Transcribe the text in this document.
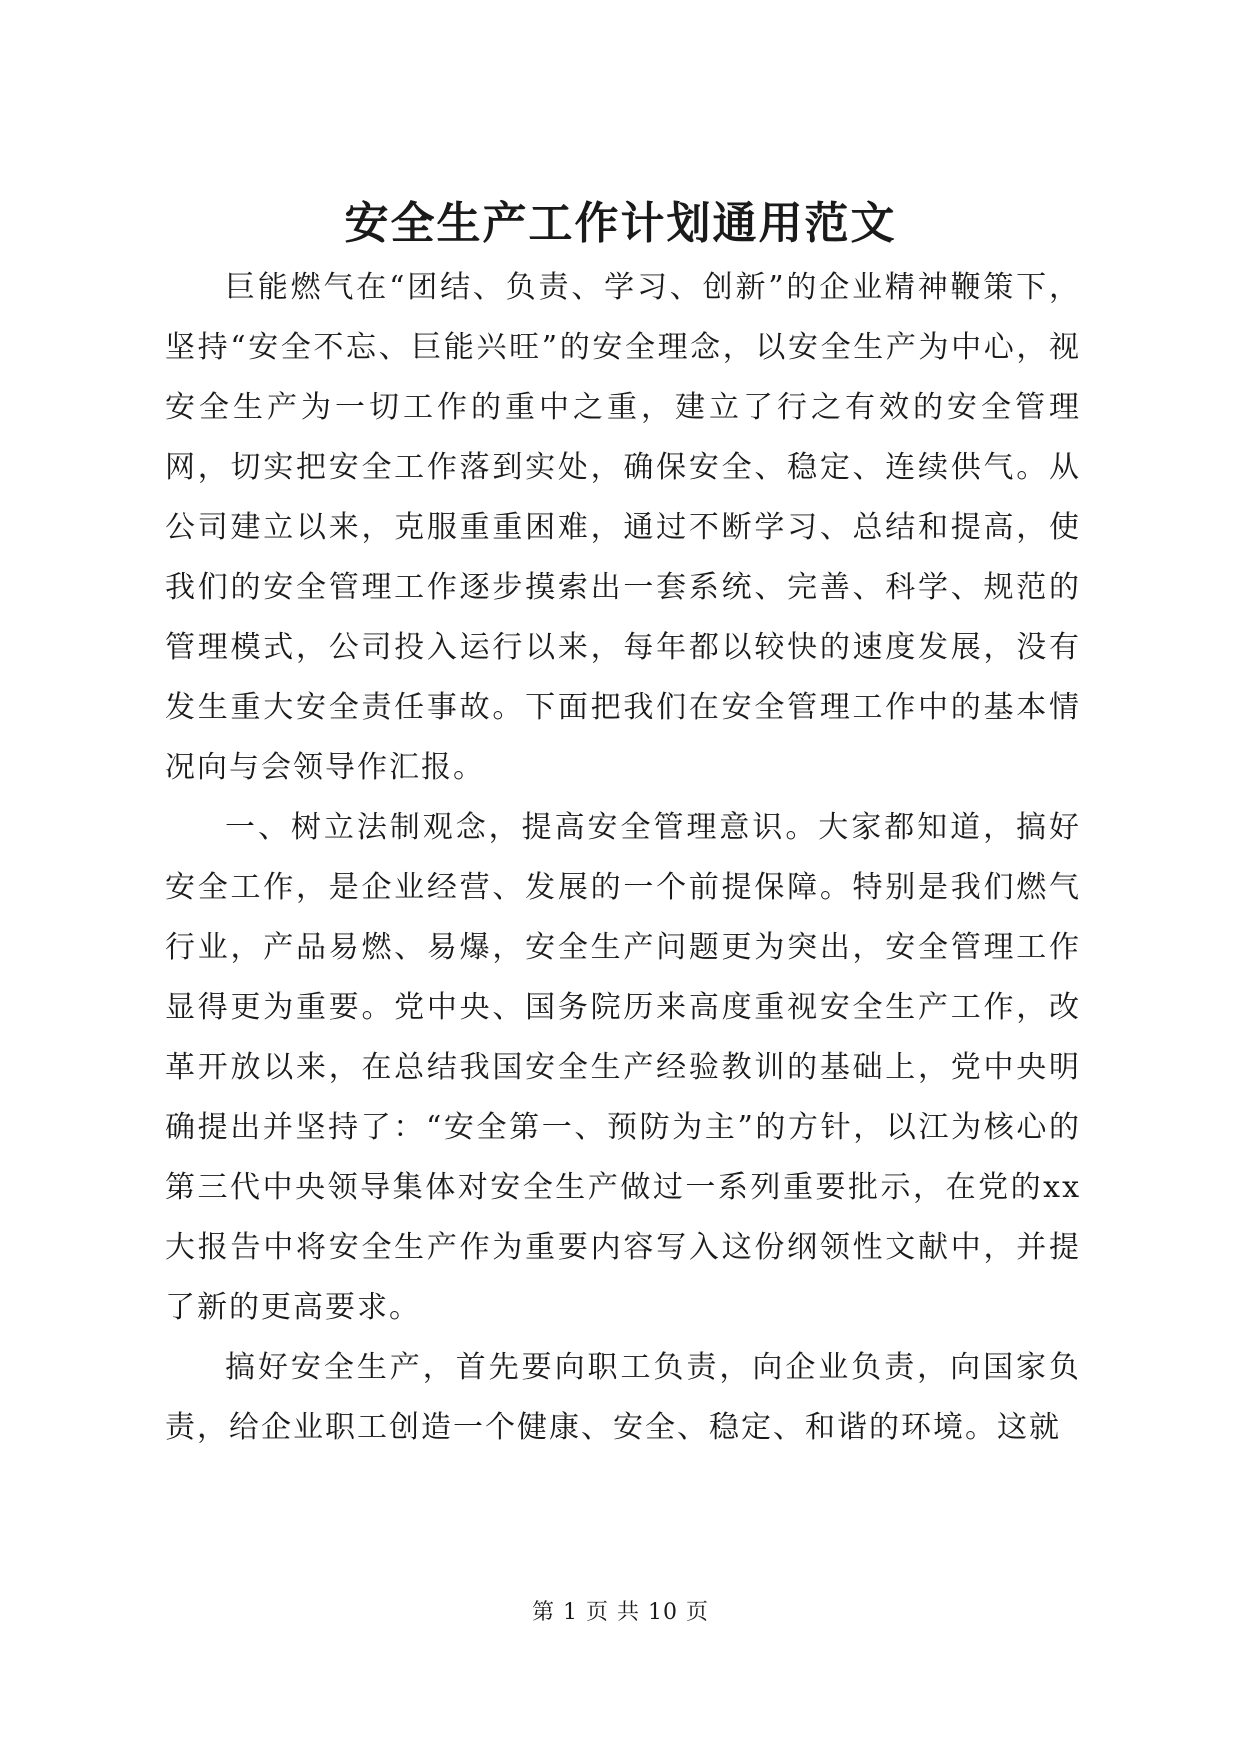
安全生产工作计划通用范文

巨能燃气在“团结、负责、学习、创新”的企业精神鞭策下，坚持“安全不忘、巨能兴旺”的安全理念，以安全生产为中心，视安全生产为一切工作的重中之重，建立了行之有效的安全管理网，切实把安全工作落到实处，确保安全、稳定、连续供气。从公司建立以来，克服重重困难，通过不断学习、总结和提高，使我们的安全管理工作逐步摸索出一套系统、完善、科学、规范的管理模式，公司投入运行以来，每年都以较快的速度发展，没有发生重大安全责任事故。下面把我们在安全管理工作中的基本情况向与会领导作汇报。

一、树立法制观念，提高安全管理意识。大家都知道，搞好安全工作，是企业经营、发展的一个前提保障。特别是我们燃气行业，产品易燃、易爆，安全生产问题更为突出，安全管理工作显得更为重要。党中央、国务院历来高度重视安全生产工作，改革开放以来，在总结我国安全生产经验教训的基础上，党中央明确提出并坚持了：“安全第一、预防为主”的方针，以江为核心的第三代中央领导集体对安全生产做过一系列重要批示，在党的xx大报告中将安全生产作为重要内容写入这份纲领性文献中，并提了新的更高要求。

搞好安全生产，首先要向职工负责，向企业负责，向国家负责，给企业职工创造一个健康、安全、稳定、和谐的环境。这就

第 1 页 共 10 页
